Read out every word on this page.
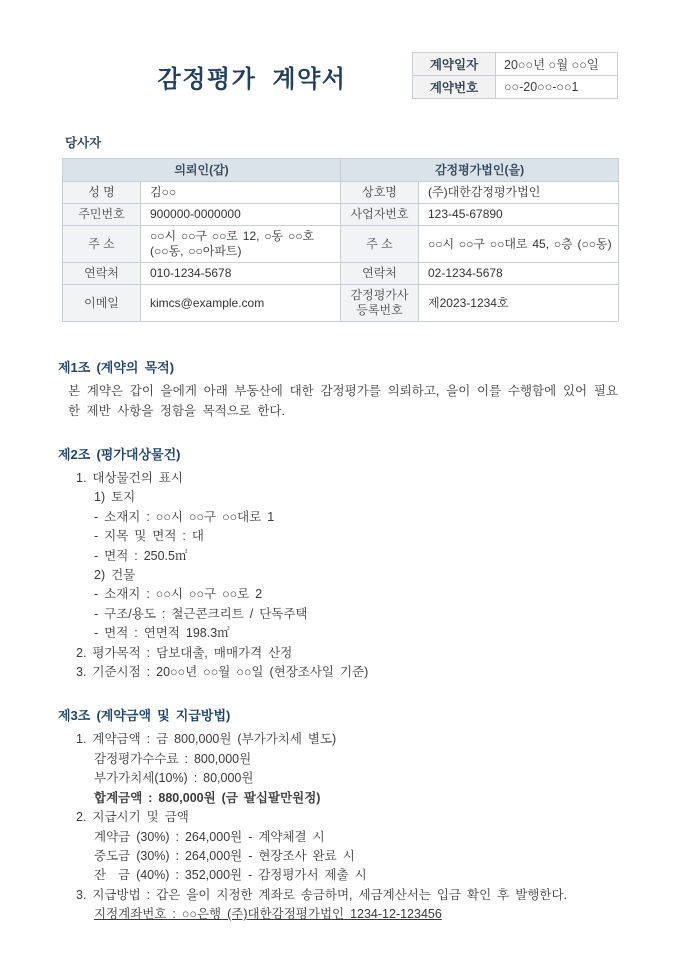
감정평가 계약서
계약일자	20○○년 ○월 ○○일
계약번호	○○-20○○-○○1
당사자
의뢰인(갑)		감정평가법인(을)	
성 명	김○○	상호명	(주)대한감정평가법인
주민번호	900000-0000000	사업자번호	123-45-67890
주 소	○○시 ○○구 ○○로 12, ○동 ○○호 (○○동, ○○아파트)	주 소	○○시 ○○구 ○○대로 45, ○층 (○○동)
연락처	010-1234-5678	연락처	02-1234-5678
이메일	kimcs@example.com	감정평가사 등록번호	제2023-1234호
제1조 (계약의 목적)

본 계약은 갑이 을에게 아래 부동산에 대한 감정평가를 의뢰하고, 을이 이를 수행함에 있어 필요한 제반 사항을 정함을 목적으로 한다.

제2조 (평가대상물건)
1. 대상물건의 표시
1) 토지
- 소재지 : ○○시 ○○구 ○○대로 1
- 지목 및 면적 : 대
- 면적 : 250.5㎡
2) 건물
- 소재지 : ○○시 ○○구 ○○로 2
- 구조/용도 : 철근콘크리트 / 단독주택
- 면적 : 연면적 198.3㎡
2. 평가목적 : 담보대출, 매매가격 산정
3. 기준시점 : 20○○년 ○○월 ○○일 (현장조사일 기준)
제3조 (계약금액 및 지급방법)
1. 계약금액 : 금 800,000원 (부가가치세 별도)
감정평가수수료 : 800,000원
부가가치세(10%) : 80,000원
합계금액 : 880,000원 (금 팔십팔만원정)
2. 지급시기 및 금액
계약금 (30%) : 264,000원 - 계약체결 시
중도금 (30%) : 264,000원 - 현장조사 완료 시
잔  금 (40%) : 352,000원 - 감정평가서 제출 시
3. 지급방법 : 갑은 을이 지정한 계좌로 송금하며, 세금계산서는 입금 확인 후 발행한다.
지정계좌번호 : ○○은행 (주)대한감정평가법인 1234-12-123456
